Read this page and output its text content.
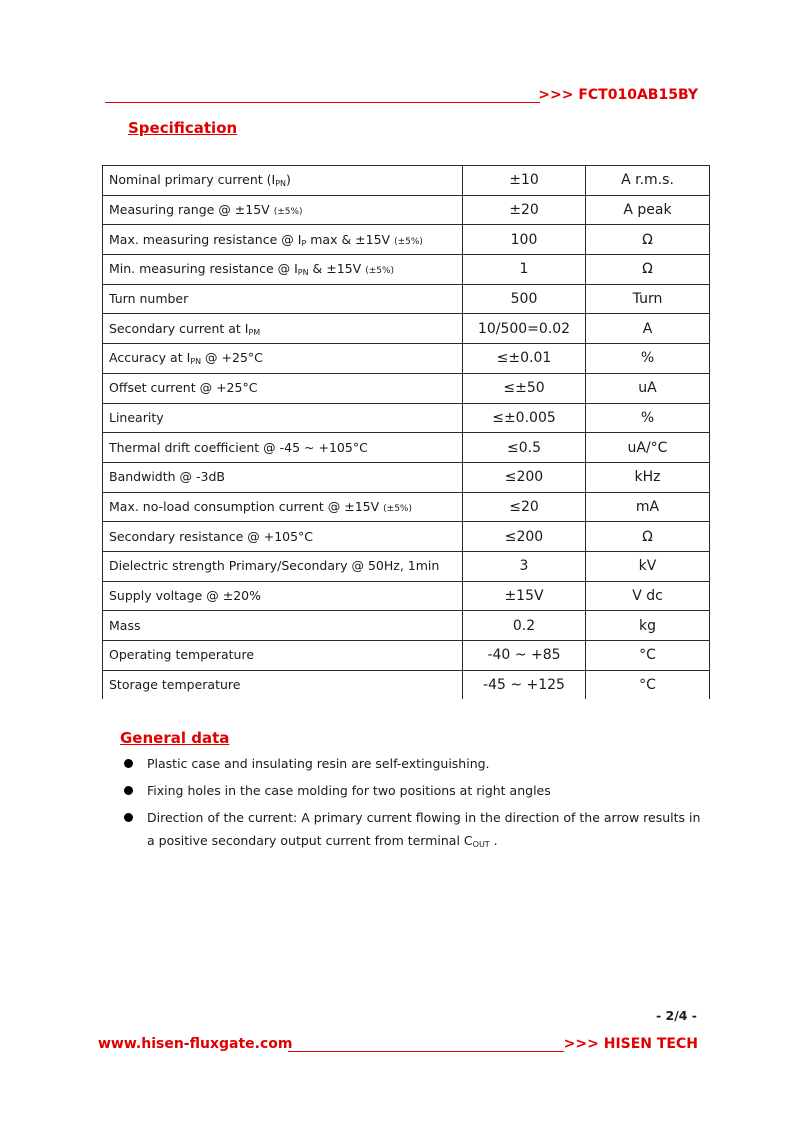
>>> FCT010AB15BY
Specification
Nominal primary current $(I_{PN})$	±10	A r.m.s.
Measuring range @ ±15V (±5%)	±20	A peak
Max. measuring resistance @ $I_P$ max & ±15V (±5%)	100	Ω
Min. measuring resistance @ $I_{PN}$ & ±15V (±5%)	1	Ω
Turn number	500	Turn
Secondary current at $I_{PM}$	10/500=0.02	A
Accuracy at $I_{PN}$ @ +25°C	≤±0.01	%
Offset current @ +25°C	≤±50	uA
Linearity	≤±0.005	%
Thermal drift coefficient @ -45 ~ +105°C	≤0.5	uA/°C
Bandwidth @ -3dB	≤200	kHz
Max. no-load consumption current @ ±15V (±5%)	≤20	mA
Secondary resistance @ +105°C	≤200	Ω
Dielectric strength Primary/Secondary @ 50Hz, 1min	3	kV
Supply voltage @ ±20%	±15V	V dc
Mass	0.2	kg
Operating temperature	-40 ~ +85	°C
Storage temperature	-45 ~ +125	°C
General data
Plastic case and insulating resin are self-extinguishing.
Fixing holes in the case molding for two positions at right angles
Direction of the current: A primary current flowing in the direction of the arrow results in a positive secondary output current from terminal $C_{OUT}$ .
- 2/4 -
www.hisen-fluxgate.com	>>> HISEN TECH
